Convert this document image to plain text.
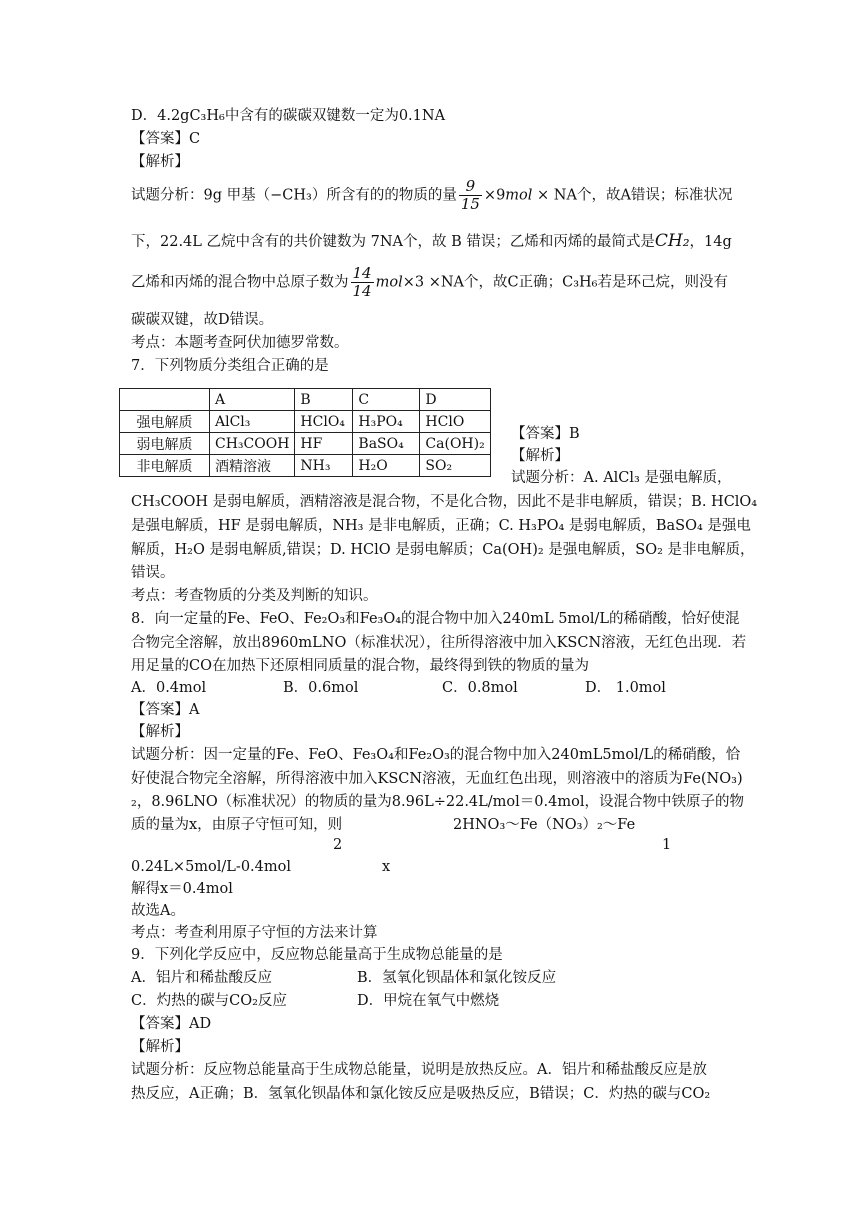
D．4.2gC₃H₆中含有的碳碳双键数一定为0.1NA
【答案】C
【解析】
试题分析：9g 甲基（−CH₃）所含有的的物质的量 $\frac{9}{15} \times 9mol$ × NA个，故A错误；标准状况
下，22.4L 乙烷中含有的共价键数为 7NA个，故 B 错误；乙烯和丙烯的最简式是CH₂，14g
乙烯和丙烯的混合物中总原子数为 $\frac{14}{14} mol\times 3 \times NA$个，故C正确；C₃H₆若是环己烷，则没有
碳碳双键，故D错误。
考点：本题考查阿伏加德罗常数。
7．下列物质分类组合正确的是
	A	B	C	D
强电解质	AlCl₃	HClO₄	H₃PO₄	HClO
弱电解质	CH₃COOH	HF	BaSO₄	Ca(OH)₂
非电解质	酒精溶液	NH₃	H₂O	SO₂
【答案】B
【解析】
试题分析：A. AlCl₃ 是强电解质，
CH₃COOH 是弱电解质，酒精溶液是混合物，不是化合物，因此不是非电解质，错误；B. HClO₄
是强电解质，HF 是弱电解质，NH₃ 是非电解质，正确；C. H₃PO₄ 是弱电解质，BaSO₄ 是强电
解质，H₂O 是弱电解质,错误；D. HClO 是弱电解质；Ca(OH)₂ 是强电解质，SO₂ 是非电解质，
错误。
考点：考查物质的分类及判断的知识。
8．向一定量的Fe、FeO、Fe₂O₃和Fe₃O₄的混合物中加入240mL 5mol/L的稀硝酸，恰好使混
合物完全溶解，放出8960mLNO（标准状况），往所得溶液中加入KSCN溶液，无红色出现．若
用足量的CO在加热下还原相同质量的混合物，最终得到铁的物质的量为
A．0.4mol	B．0.6mol	C．0.8mol	D． 1.0mol
【答案】A
【解析】
试题分析：因一定量的Fe、FeO、Fe₃O₄和Fe₂O₃的混合物中加入240mL5mol/L的稀硝酸，恰
好使混合物完全溶解，所得溶液中加入KSCN溶液，无血红色出现，则溶液中的溶质为Fe(NO₃)
₂，8.96LNO（标准状况）的物质的量为8.96L÷22.4L/mol＝0.4mol，设混合物中铁原子的物
质的量为x，由原子守恒可知，则	2HNO₃～Fe（NO₃）₂～Fe
2	1
0.24L×5mol/L-0.4mol	x
解得x＝0.4mol
故选A。
考点：考查利用原子守恒的方法来计算
9．下列化学反应中，反应物总能量高于生成物总能量的是
A．铝片和稀盐酸反应	B．氢氧化钡晶体和氯化铵反应
C．灼热的碳与CO₂反应	D．甲烷在氧气中燃烧
【答案】AD
【解析】
试题分析：反应物总能量高于生成物总能量，说明是放热反应。A．铝片和稀盐酸反应是放
热反应，A正确；B．氢氧化钡晶体和氯化铵反应是吸热反应，B错误；C．灼热的碳与CO₂
